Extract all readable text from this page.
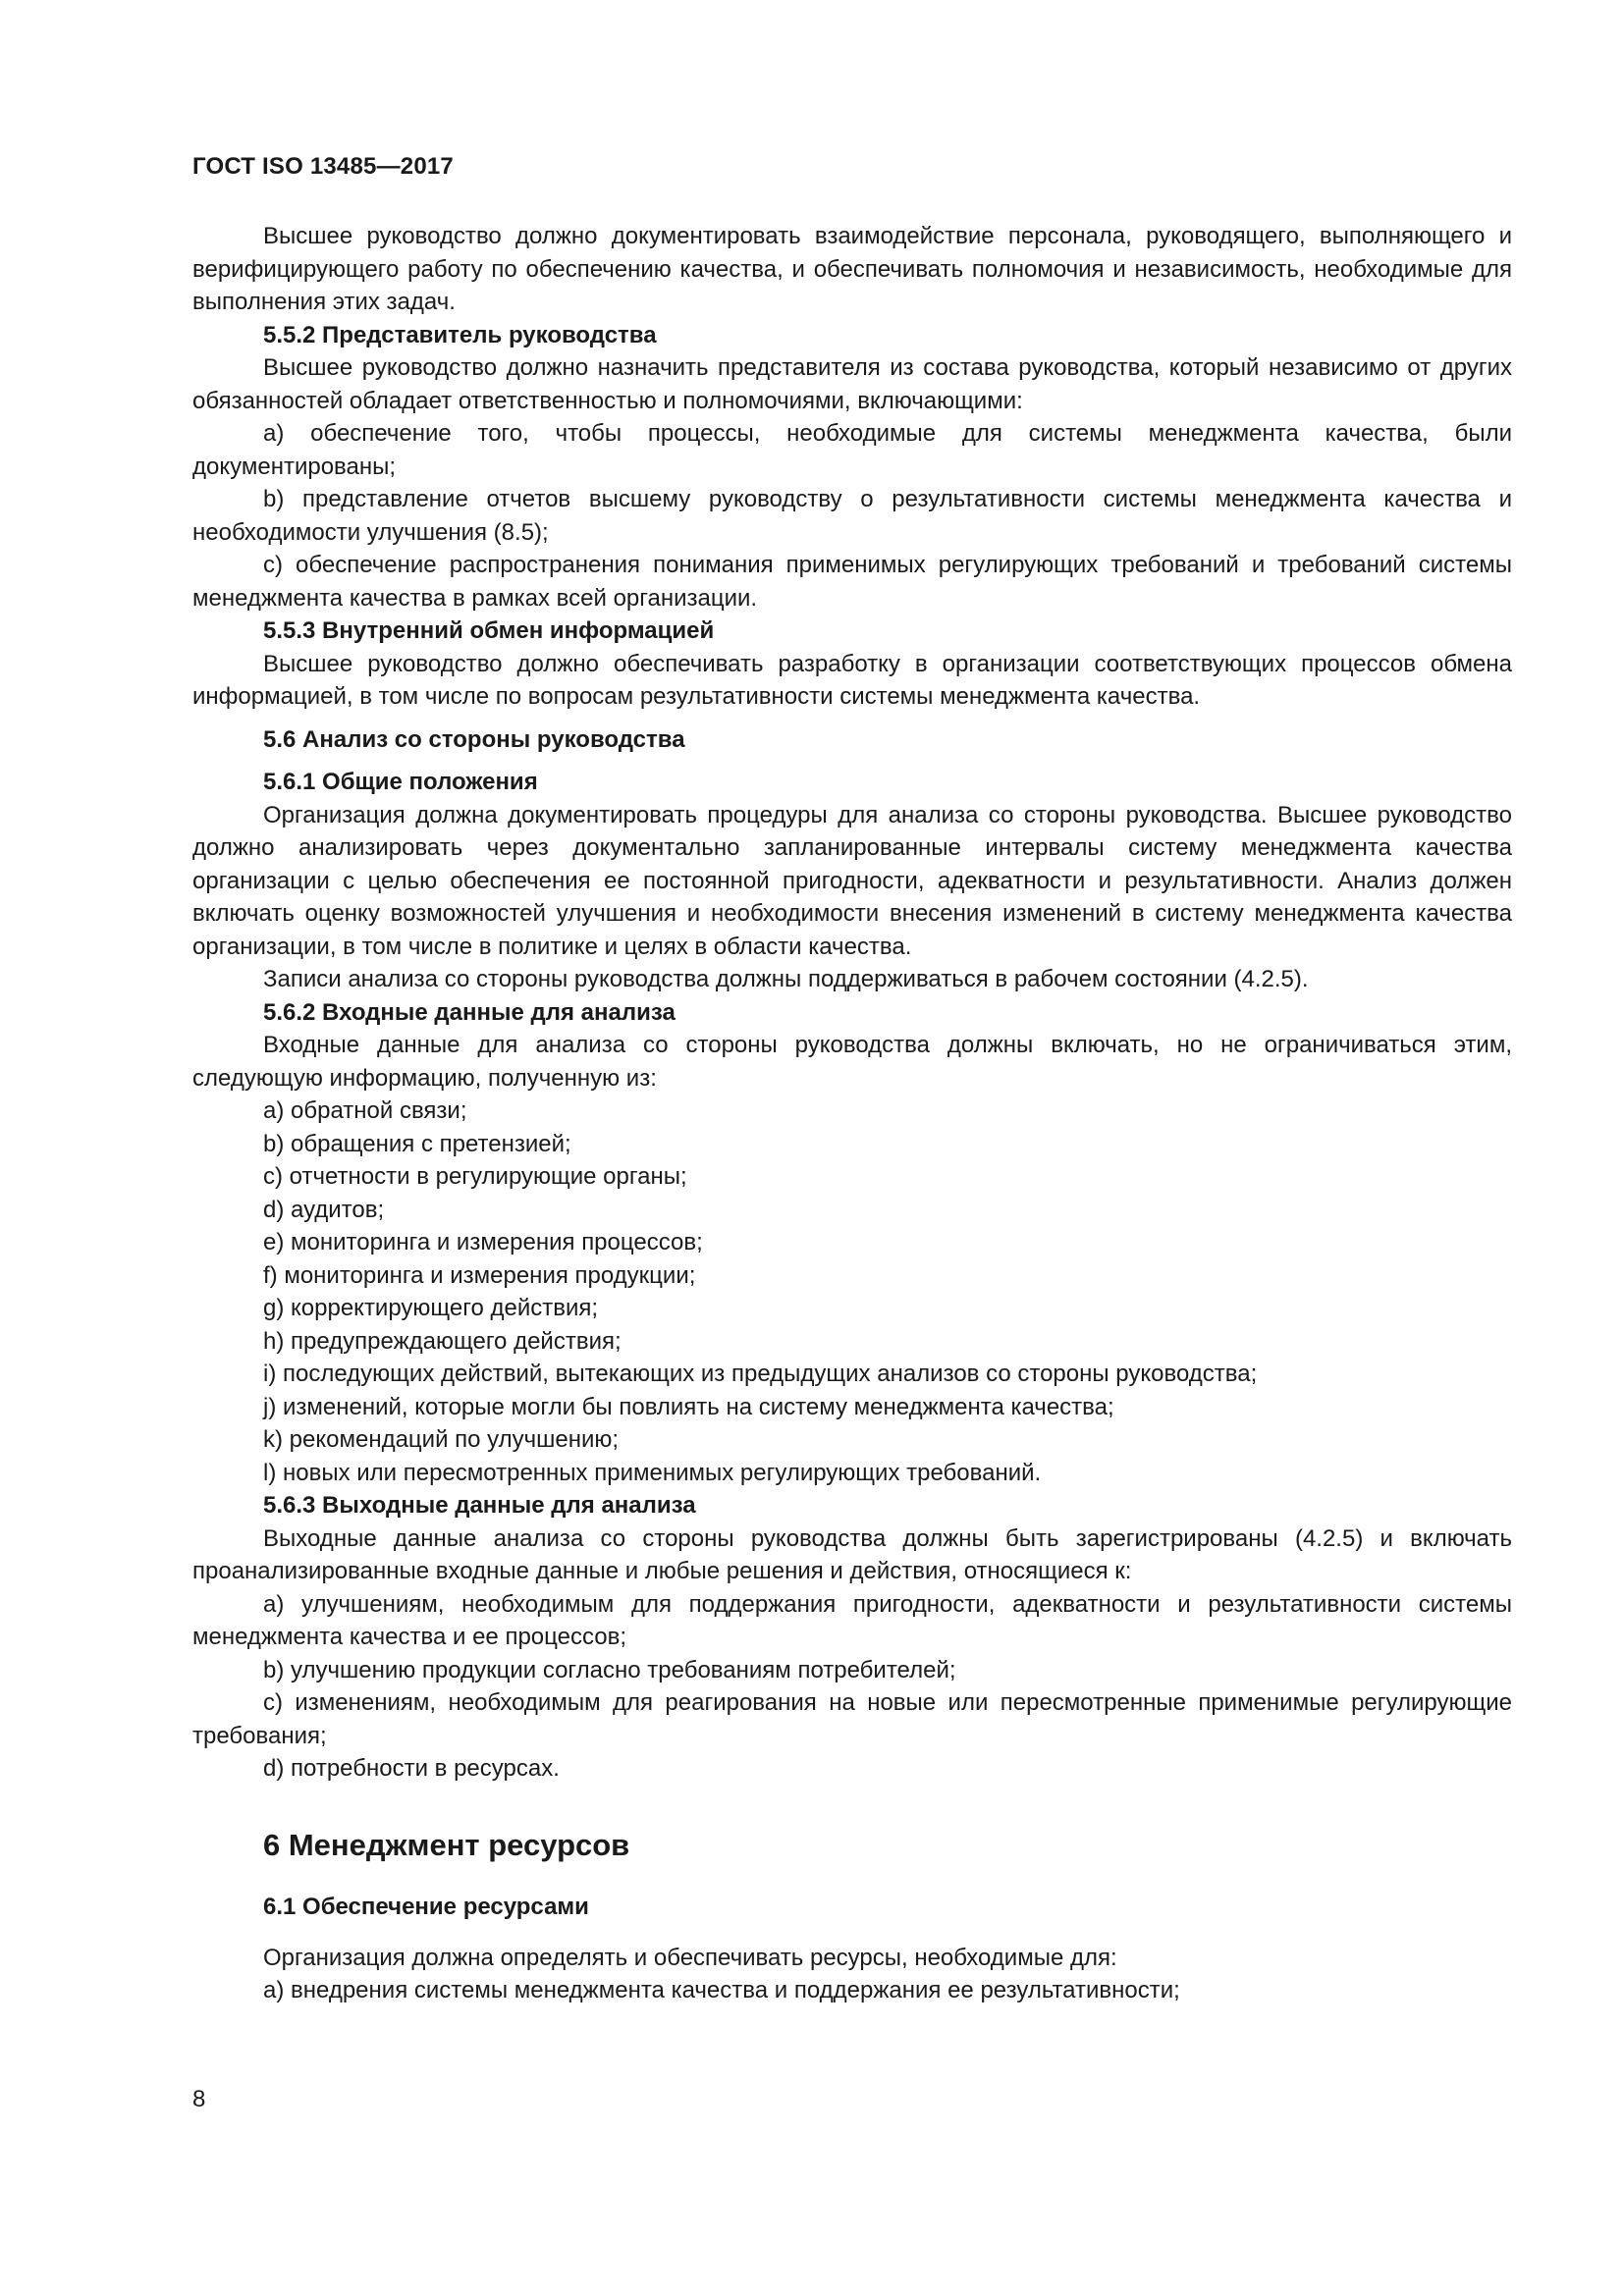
ГОСТ ISO 13485—2017

Высшее руководство должно документировать взаимодействие персонала, руководящего, выполняющего и верифицирующего работу по обеспечению качества, и обеспечивать полномочия и независимость, необходимые для выполнения этих задач.

5.5.2 Представитель руководства

Высшее руководство должно назначить представителя из состава руководства, который независимо от других обязанностей обладает ответственностью и полномочиями, включающими:

a) обеспечение того, чтобы процессы, необходимые для системы менеджмента качества, были документированы;

b) представление отчетов высшему руководству о результативности системы менеджмента качества и необходимости улучшения (8.5);

c) обеспечение распространения понимания применимых регулирующих требований и требований системы менеджмента качества в рамках всей организации.

5.5.3 Внутренний обмен информацией

Высшее руководство должно обеспечивать разработку в организации соответствующих процессов обмена информацией, в том числе по вопросам результативности системы менеджмента качества.

5.6 Анализ со стороны руководства

5.6.1 Общие положения

Организация должна документировать процедуры для анализа со стороны руководства. Высшее руководство должно анализировать через документально запланированные интервалы систему менеджмента качества организации с целью обеспечения ее постоянной пригодности, адекватности и результативности. Анализ должен включать оценку возможностей улучшения и необходимости внесения изменений в систему менеджмента качества организации, в том числе в политике и целях в области качества.

Записи анализа со стороны руководства должны поддерживаться в рабочем состоянии (4.2.5).

5.6.2 Входные данные для анализа

Входные данные для анализа со стороны руководства должны включать, но не ограничиваться этим, следующую информацию, полученную из:

a) обратной связи;

b) обращения с претензией;

c) отчетности в регулирующие органы;

d) аудитов;

e) мониторинга и измерения процессов;

f) мониторинга и измерения продукции;

g) корректирующего действия;

h) предупреждающего действия;

i) последующих действий, вытекающих из предыдущих анализов со стороны руководства;

j) изменений, которые могли бы повлиять на систему менеджмента качества;

k) рекомендаций по улучшению;

l) новых или пересмотренных применимых регулирующих требований.

5.6.3 Выходные данные для анализа

Выходные данные анализа со стороны руководства должны быть зарегистрированы (4.2.5) и включать проанализированные входные данные и любые решения и действия, относящиеся к:

a) улучшениям, необходимым для поддержания пригодности, адекватности и результативности системы менеджмента качества и ее процессов;

b) улучшению продукции согласно требованиям потребителей;

c) изменениям, необходимым для реагирования на новые или пересмотренные применимые регулирующие требования;

d) потребности в ресурсах.

6 Менеджмент ресурсов

6.1 Обеспечение ресурсами

Организация должна определять и обеспечивать ресурсы, необходимые для:

a) внедрения системы менеджмента качества и поддержания ее результативности;

8
